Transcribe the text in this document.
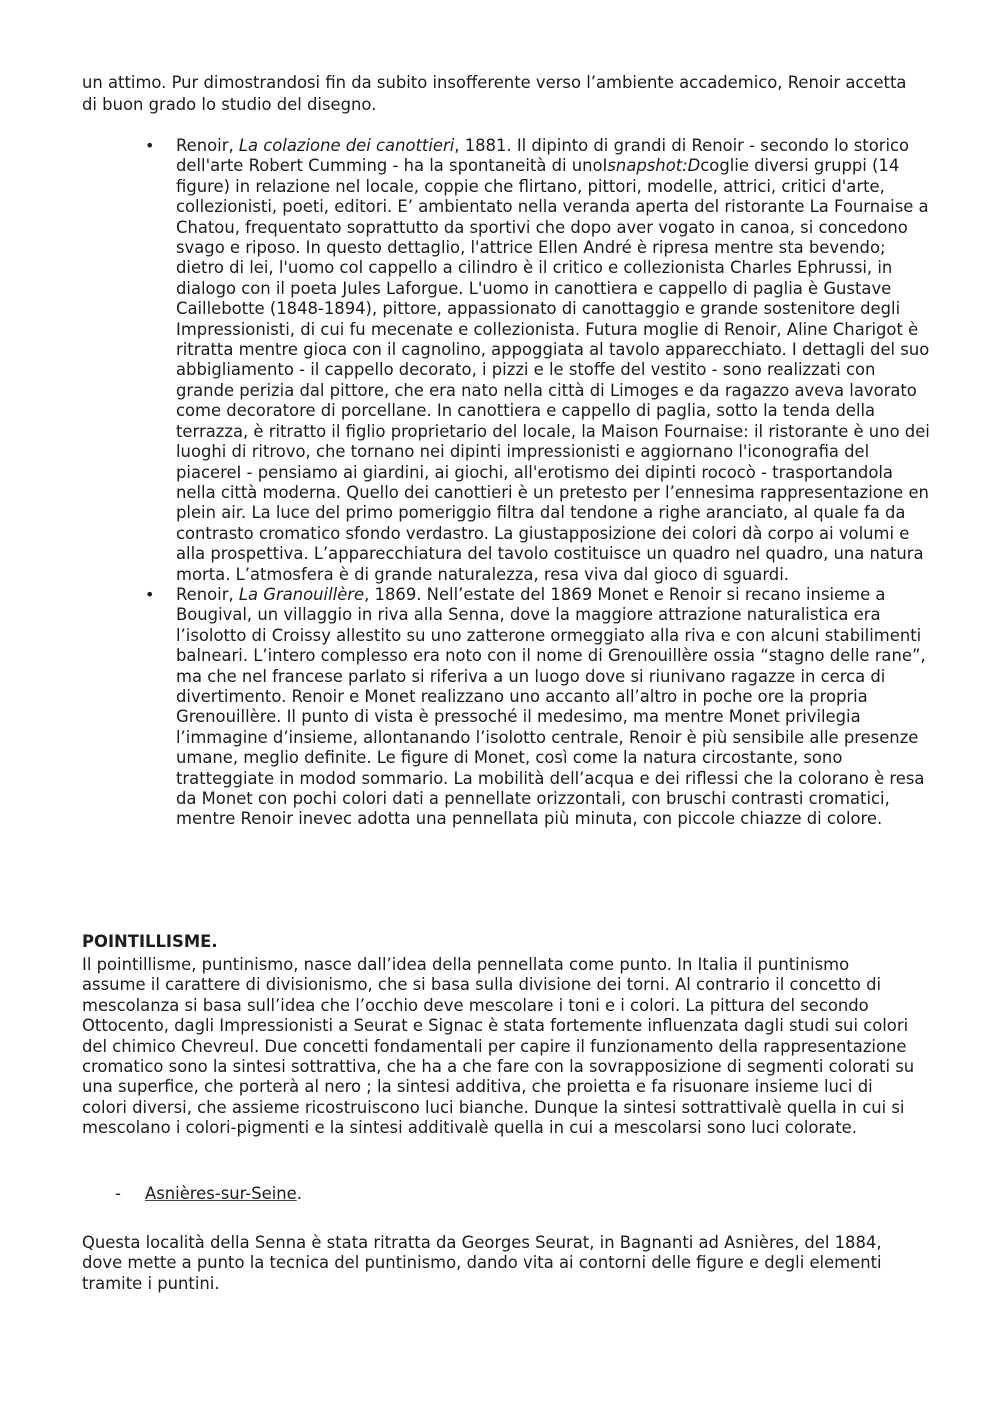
un attimo. Pur dimostrandosi fin da subito insofferente verso l’ambiente accademico, Renoir accetta di buon grado lo studio del disegno.

• Renoir, La colazione dei canottieri, 1881. Il dipinto di grandi di Renoir - secondo lo storico dell'arte Robert Cumming - ha la spontaneità di unoIsnapshot:Dcoglie diversi gruppi (14 figure) in relazione nel locale, coppie che flirtano, pittori, modelle, attrici, critici d'arte, collezionisti, poeti, editori. E’ ambientato nella veranda aperta del ristorante La Fournaise a Chatou, frequentato soprattutto da sportivi che dopo aver vogato in canoa, si concedono svago e riposo. In questo dettaglio, l'attrice Ellen André è ripresa mentre sta bevendo; dietro di lei, l'uomo col cappello a cilindro è il critico e collezionista Charles Ephrussi, in dialogo con il poeta Jules Laforgue. L'uomo in canottiera e cappello di paglia è Gustave Caillebotte (1848-1894), pittore, appassionato di canottaggio e grande sostenitore degli Impressionisti, di cui fu mecenate e collezionista. Futura moglie di Renoir, Aline Charigot è ritratta mentre gioca con il cagnolino, appoggiata al tavolo apparecchiato. I dettagli del suo abbigliamento - il cappello decorato, i pizzi e le stoffe del vestito - sono realizzati con grande perizia dal pittore, che era nato nella città di Limoges e da ragazzo aveva lavorato come decoratore di porcellane. In canottiera e cappello di paglia, sotto la tenda della terrazza, è ritratto il figlio proprietario del locale, la Maison Fournaise: il ristorante è uno dei luoghi di ritrovo, che tornano nei dipinti impressionisti e aggiornano l'iconografia del piacereI - pensiamo ai giardini, ai giochi, all'erotismo dei dipinti rococò - trasportandola nella città moderna. Quello dei canottieri è un pretesto per l’ennesima rappresentazione en plein air. La luce del primo pomeriggio filtra dal tendone a righe aranciato, al quale fa da contrasto cromatico sfondo verdastro. La giustapposizione dei colori dà corpo ai volumi e alla prospettiva. L’apparecchiatura del tavolo costituisce un quadro nel quadro, una natura morta. L’atmosfera è di grande naturalezza, resa viva dal gioco di sguardi.
• Renoir, La Granouillère, 1869. Nell’estate del 1869 Monet e Renoir si recano insieme a Bougival, un villaggio in riva alla Senna, dove la maggiore attrazione naturalistica era l’isolotto di Croissy allestito su uno zatterone ormeggiato alla riva e con alcuni stabilimenti balneari. L’intero complesso era noto con il nome di Grenouillère ossia “stagno delle rane”, ma che nel francese parlato si riferiva a un luogo dove si riunivano ragazze in cerca di divertimento. Renoir e Monet realizzano uno accanto all’altro in poche ore la propria Grenouillère. Il punto di vista è pressoché il medesimo, ma mentre Monet privilegia l’immagine d’insieme, allontanando l’isolotto centrale, Renoir è più sensibile alle presenze umane, meglio definite. Le figure di Monet, così come la natura circostante, sono tratteggiate in modod sommario. La mobilità dell’acqua e dei riflessi che la colorano è resa da Monet con pochi colori dati a pennellate orizzontali, con bruschi contrasti cromatici, mentre Renoir inevec adotta una pennellata più minuta, con piccole chiazze di colore.
POINTILLISME.

Il pointillisme, puntinismo, nasce dall’idea della pennellata come punto. In Italia il puntinismo assume il carattere di divisionismo, che si basa sulla divisione dei torni. Al contrario il concetto di mescolanza si basa sull’idea che l’occhio deve mescolare i toni e i colori. La pittura del secondo Ottocento, dagli Impressionisti a Seurat e Signac è stata fortemente influenzata dagli studi sui colori del chimico Chevreul. Due concetti fondamentali per capire il funzionamento della rappresentazione cromatico sono la sintesi sottrattiva, che ha a che fare con la sovrapposizione di segmenti colorati su una superfice, che porterà al nero ; la sintesi additiva, che proietta e fa risuonare insieme luci di colori diversi, che assieme ricostruiscono luci bianche. Dunque la sintesi sottrattivalè quella in cui si mescolano i colori-pigmenti e la sintesi additivalè quella in cui a mescolarsi sono luci colorate.

- Asnières-sur-Seine.

Questa località della Senna è stata ritratta da Georges Seurat, in Bagnanti ad Asnières, del 1884, dove mette a punto la tecnica del puntinismo, dando vita ai contorni delle figure e degli elementi tramite i puntini.
